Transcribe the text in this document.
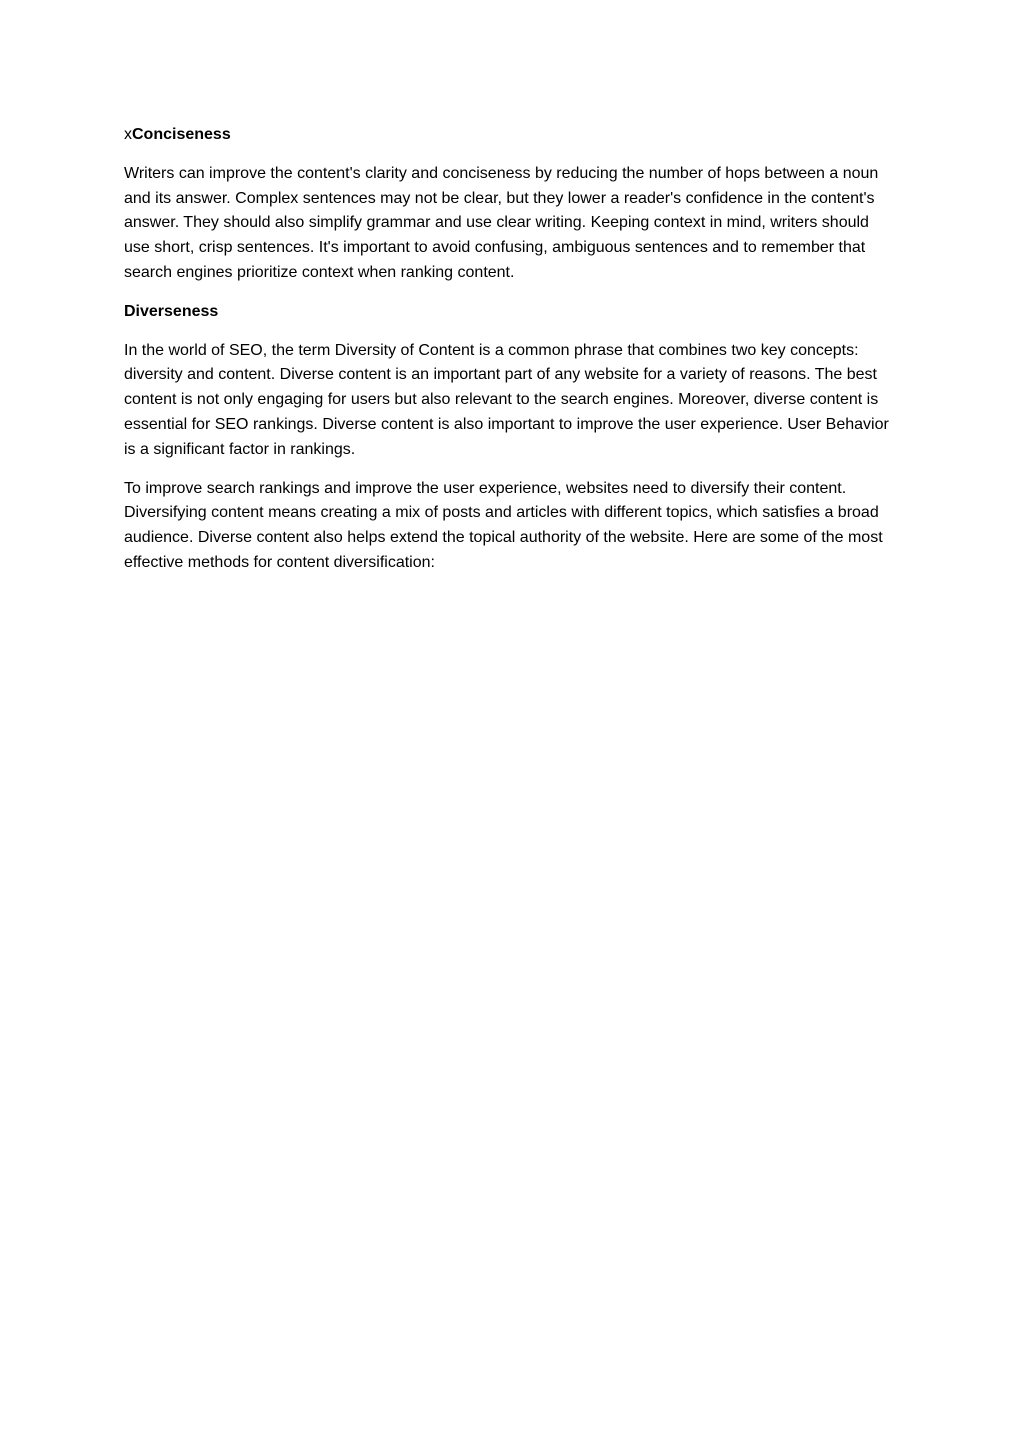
xConciseness

Writers can improve the content's clarity and conciseness by reducing the number of hops between a noun and its answer. Complex sentences may not be clear, but they lower a reader's confidence in the content's answer. They should also simplify grammar and use clear writing. Keeping context in mind, writers should use short, crisp sentences. It's important to avoid confusing, ambiguous sentences and to remember that search engines prioritize context when ranking content.

Diverseness

In the world of SEO, the term Diversity of Content is a common phrase that combines two key concepts: diversity and content. Diverse content is an important part of any website for a variety of reasons. The best content is not only engaging for users but also relevant to the search engines. Moreover, diverse content is essential for SEO rankings. Diverse content is also important to improve the user experience. User Behavior is a significant factor in rankings.

To improve search rankings and improve the user experience, websites need to diversify their content. Diversifying content means creating a mix of posts and articles with different topics, which satisfies a broad audience. Diverse content also helps extend the topical authority of the website. Here are some of the most effective methods for content diversification:
